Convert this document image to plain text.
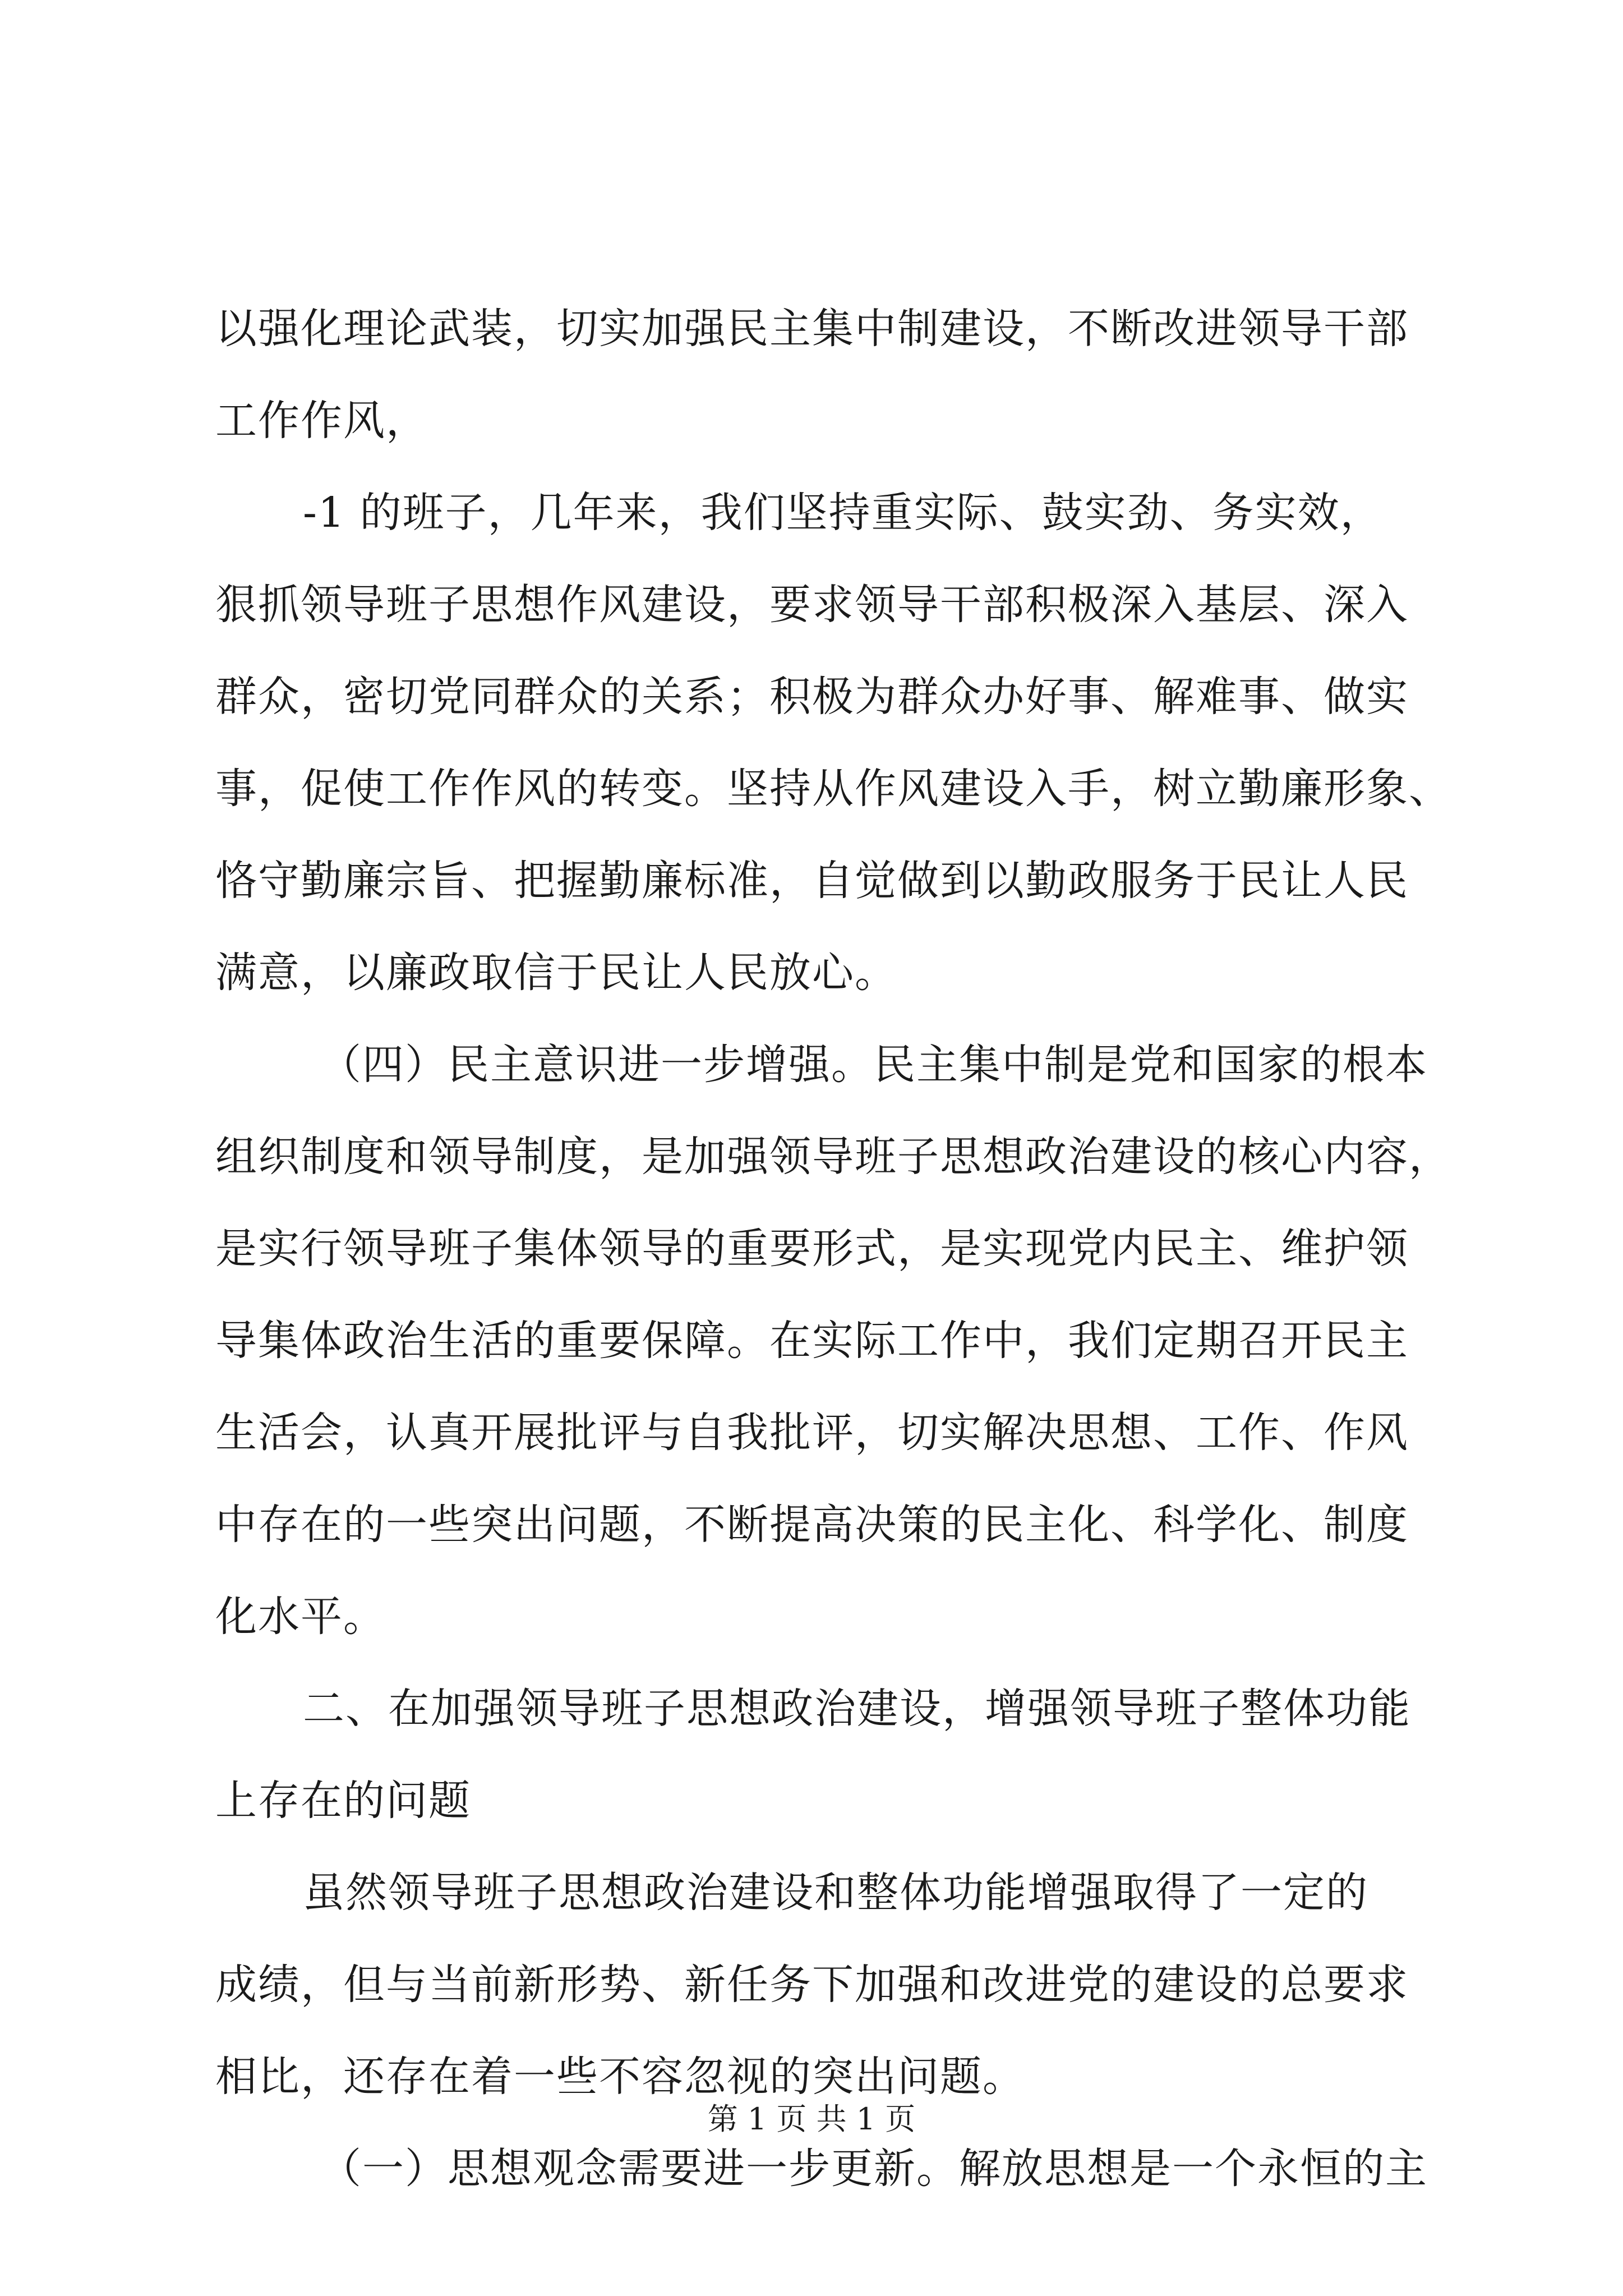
以强化理论武装，切实加强民主集中制建设，不断改进领导干部
工作作风，
-1 的班子，几年来，我们坚持重实际、鼓实劲、务实效，
狠抓领导班子思想作风建设，要求领导干部积极深入基层、深入
群众，密切党同群众的关系；积极为群众办好事、解难事、做实
事，促使工作作风的转变。坚持从作风建设入手，树立勤廉形象、
恪守勤廉宗旨、把握勤廉标准，自觉做到以勤政服务于民让人民
满意，以廉政取信于民让人民放心。
（四）民主意识进一步增强。民主集中制是党和国家的根本
组织制度和领导制度，是加强领导班子思想政治建设的核心内容，
是实行领导班子集体领导的重要形式，是实现党内民主、维护领
导集体政治生活的重要保障。在实际工作中，我们定期召开民主
生活会，认真开展批评与自我批评，切实解决思想、工作、作风
中存在的一些突出问题，不断提高决策的民主化、科学化、制度
化水平。
二、在加强领导班子思想政治建设，增强领导班子整体功能
上存在的问题
虽然领导班子思想政治建设和整体功能增强取得了一定的
成绩，但与当前新形势、新任务下加强和改进党的建设的总要求
相比，还存在着一些不容忽视的突出问题。
（一）思想观念需要进一步更新。解放思想是一个永恒的主
第 1 页 共 1 页
